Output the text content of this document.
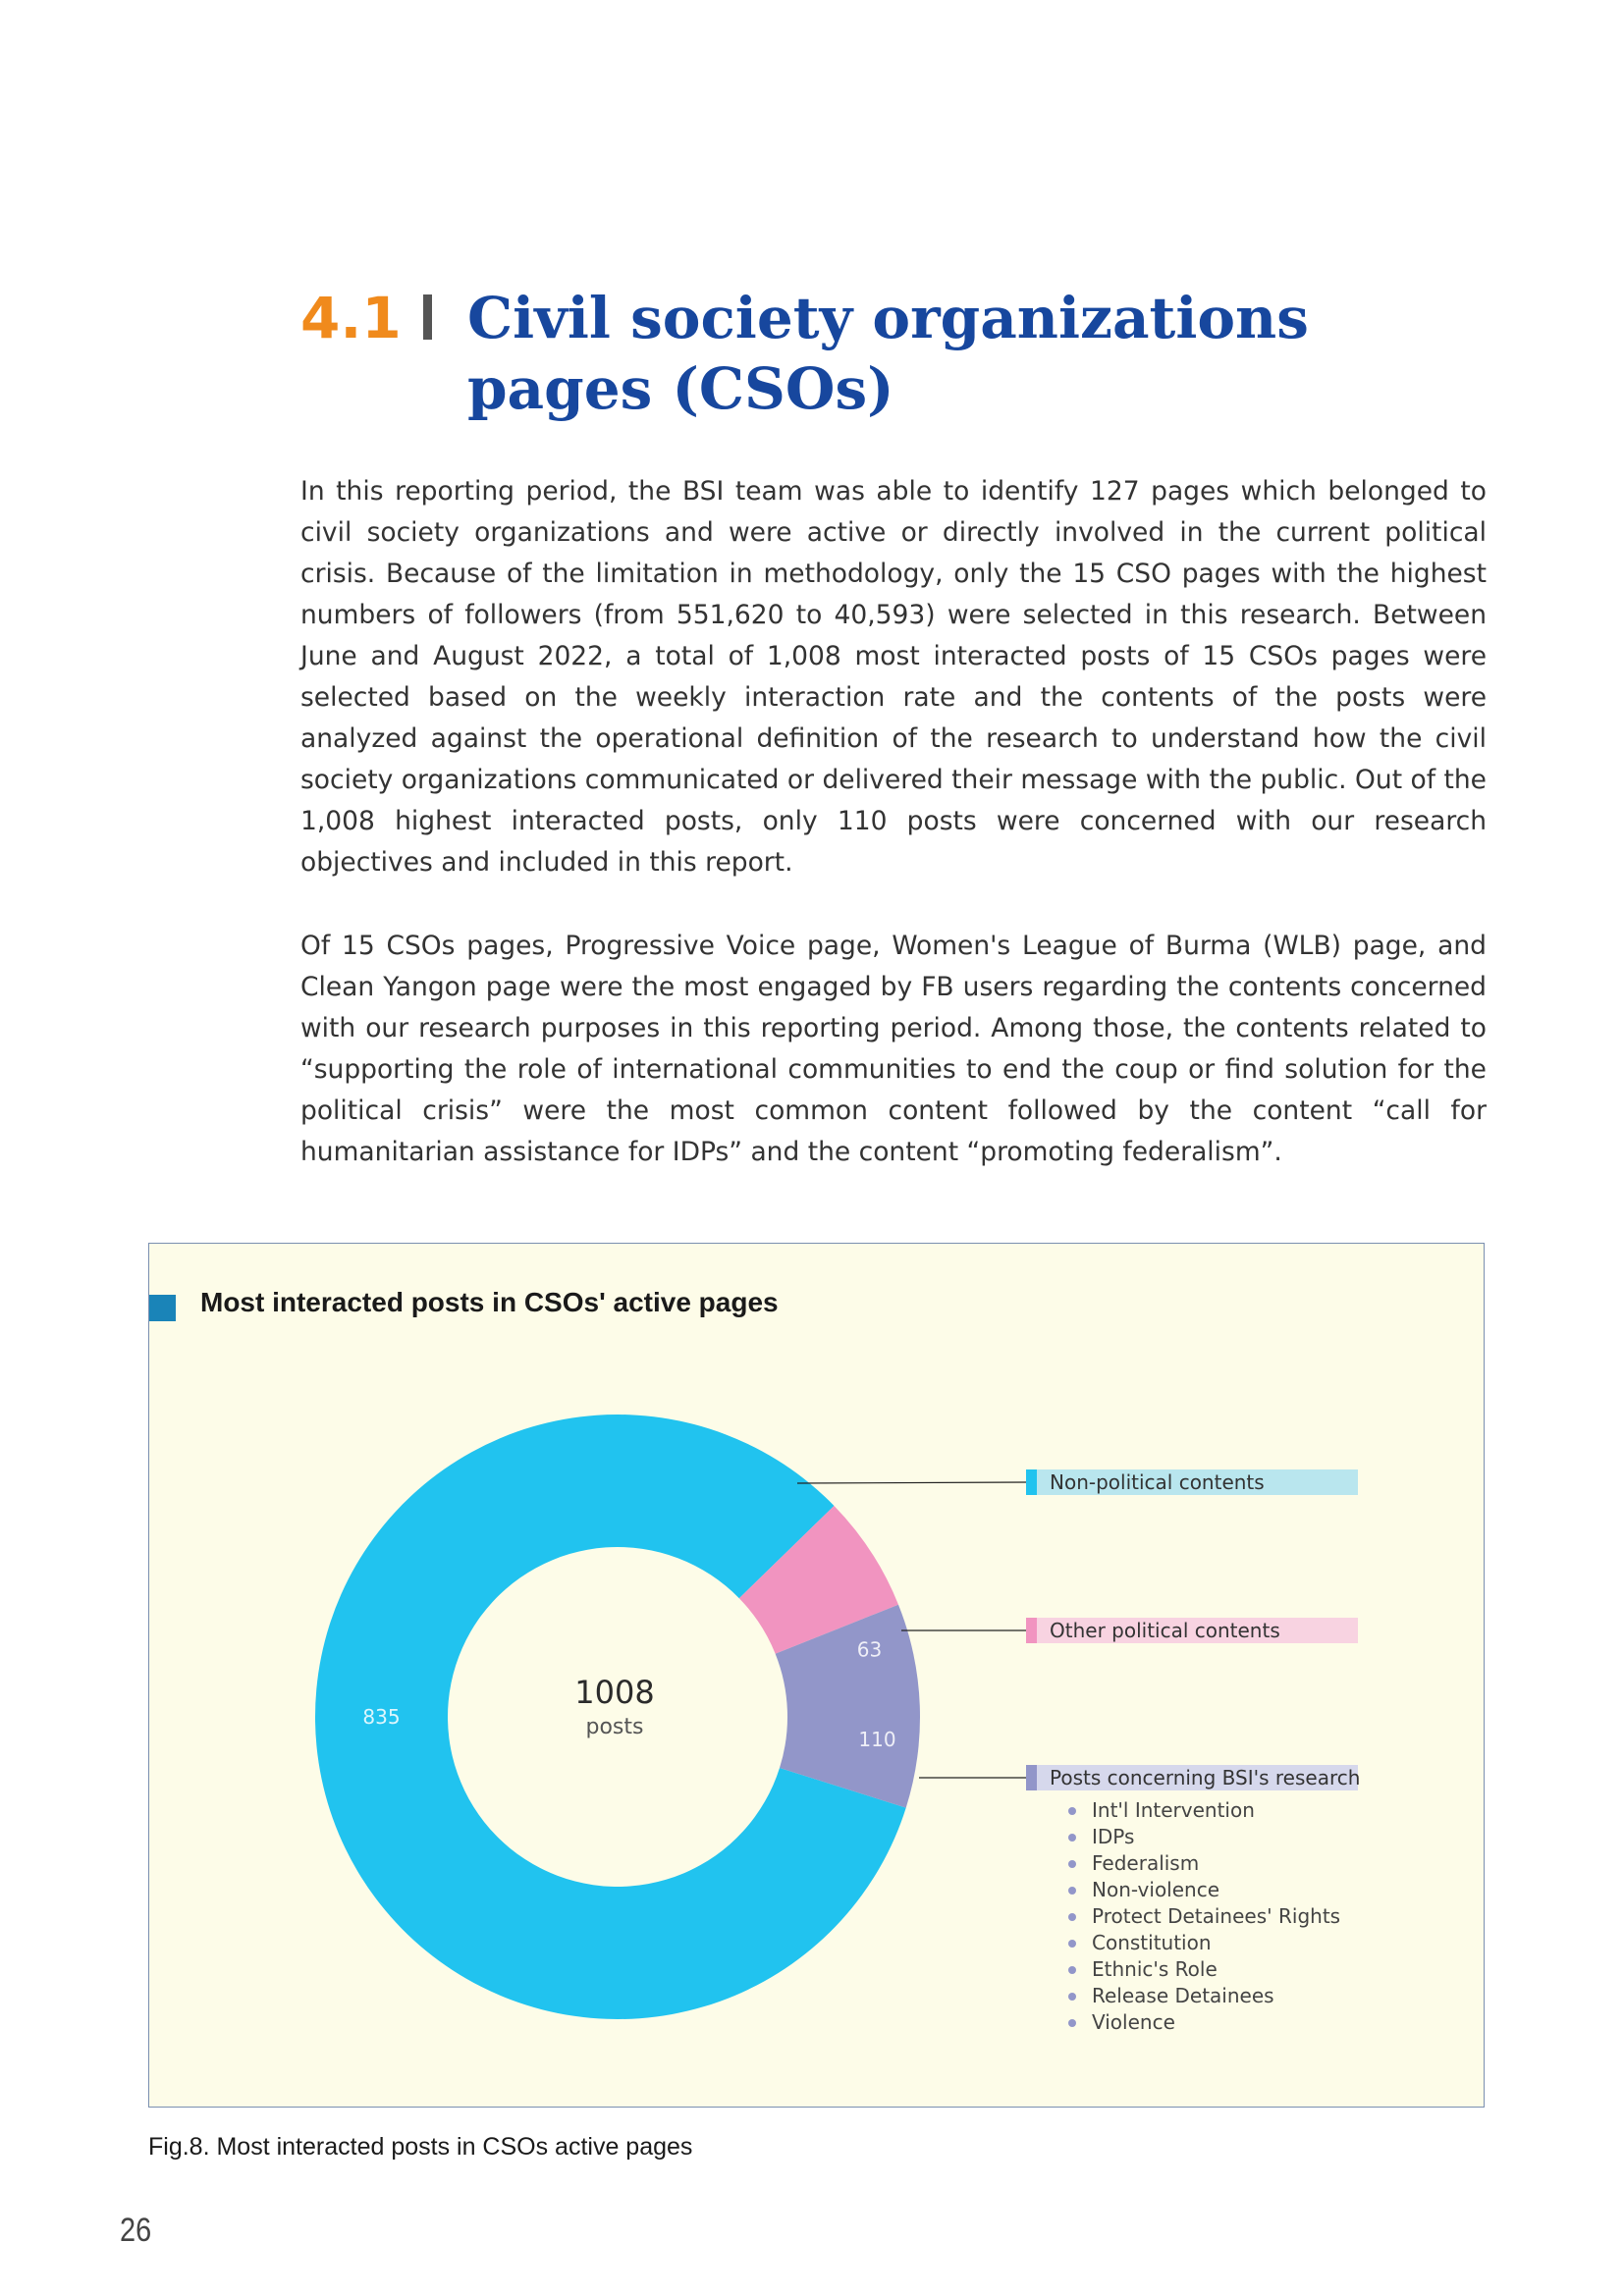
4.1 Civil society organizations pages (CSOs)

In this reporting period, the BSI team was able to identify 127 pages which belonged to civil society organizations and were active or directly involved in the current political crisis. Because of the limitation in methodology, only the 15 CSO pages with the highest numbers of followers (from 551,620 to 40,593) were selected in this research. Between June and August 2022, a total of 1,008 most interacted posts of 15 CSOs pages were selected based on the weekly interaction rate and the contents of the posts were analyzed against the operational definition of the research to understand how the civil society organizations communicated or delivered their message with the public. Out of the 1,008 highest interacted posts, only 110 posts were concerned with our research objectives and included in this report.

Of 15 CSOs pages, Progressive Voice page, Women's League of Burma (WLB) page, and Clean Yangon page were the most engaged by FB users regarding the contents concerned with our research purposes in this reporting period. Among those, the contents related to “supporting the role of international communities to end the coup or find solution for the political crisis” were the most common content followed by the content “call for humanitarian assistance for IDPs” and the content “promoting federalism”.

Most interacted posts in CSOs' active pages

835
63
110
1008
posts
Non-political contents
Other political contents
Posts concerning BSI's research
Int'l Intervention
IDPs
Federalism
Non-violence
Protect Detainees' Rights
Constitution
Ethnic's Role
Release Detainees
Violence

Fig.8. Most interacted posts in CSOs active pages

26
